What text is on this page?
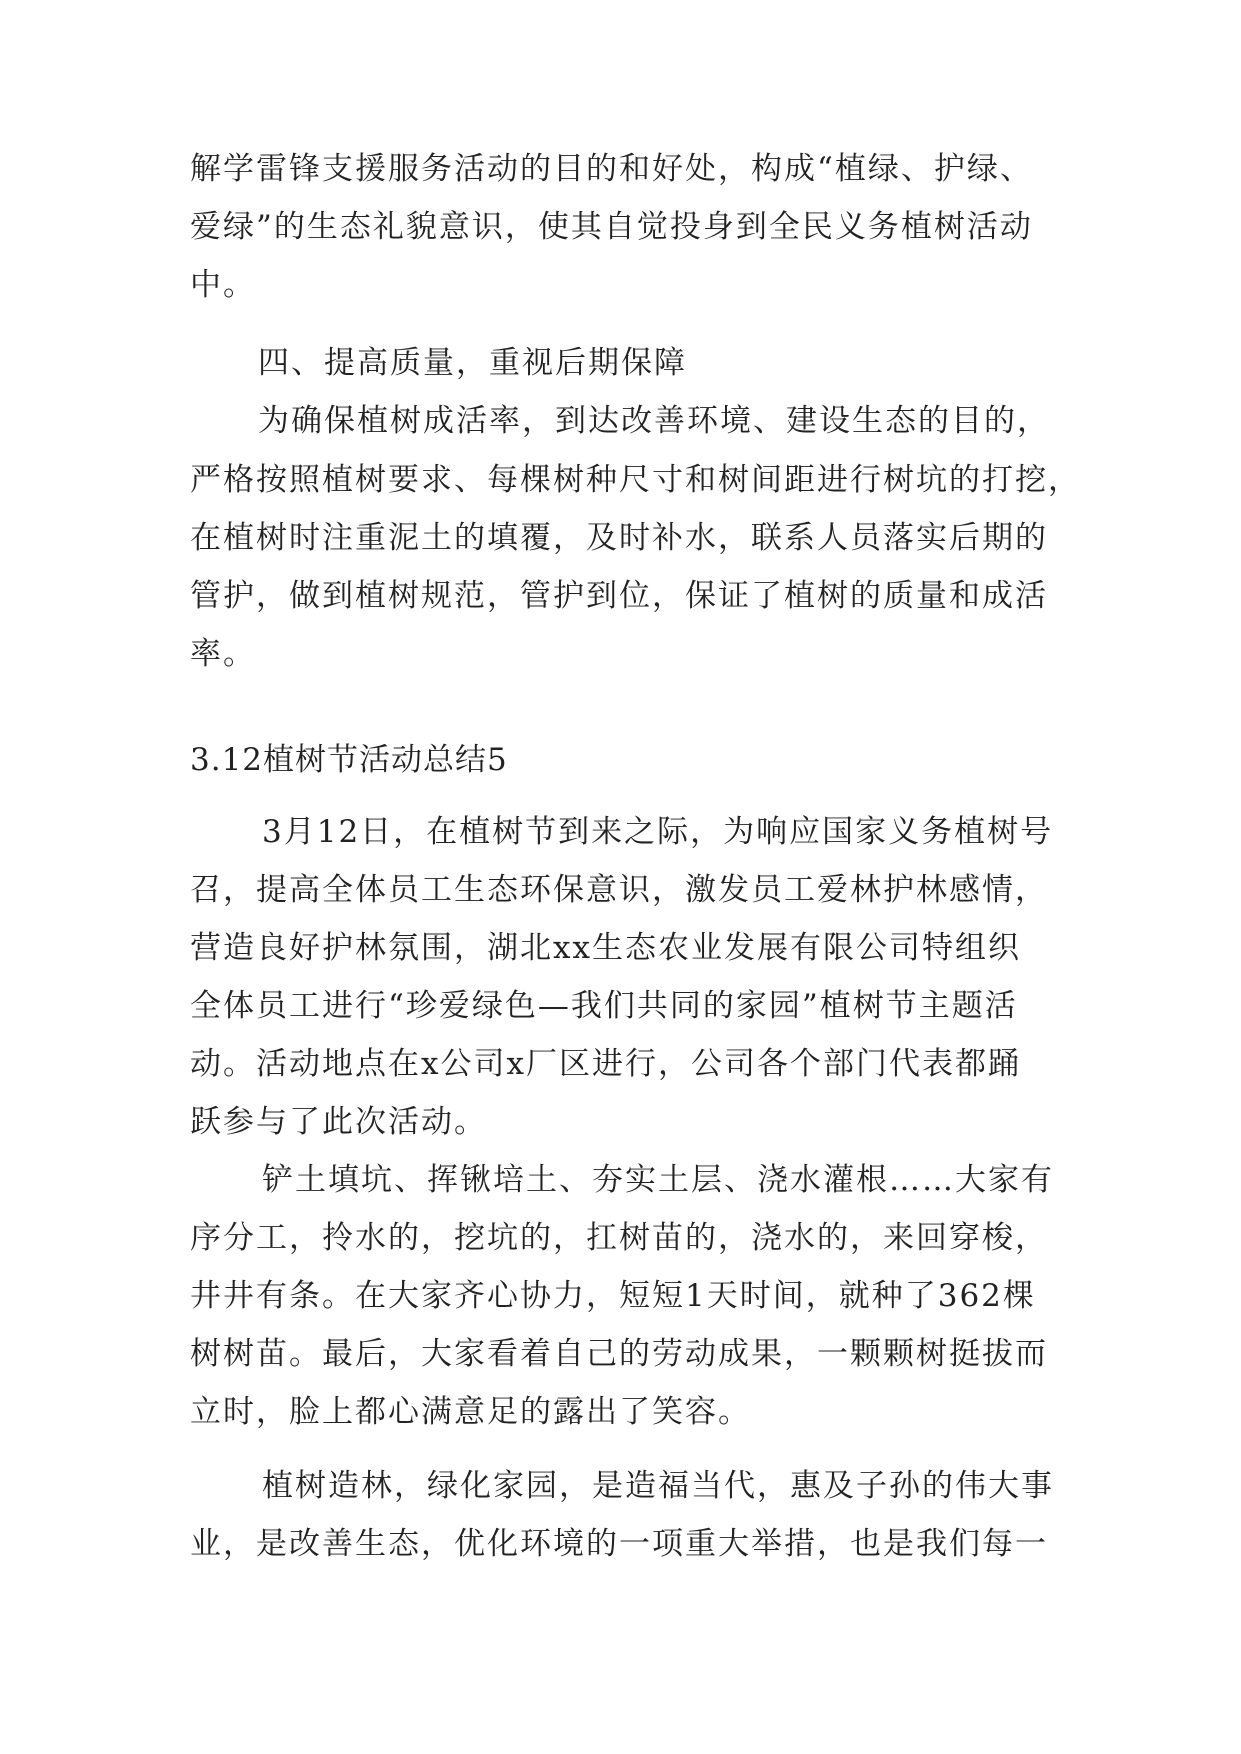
解学雷锋支援服务活动的目的和好处，构成“植绿、护绿、
爱绿”的生态礼貌意识，使其自觉投身到全民义务植树活动
中。
四、提高质量，重视后期保障
为确保植树成活率，到达改善环境、建设生态的目的，
严格按照植树要求、每棵树种尺寸和树间距进行树坑的打挖，
在植树时注重泥土的填覆，及时补水，联系人员落实后期的
管护，做到植树规范，管护到位，保证了植树的质量和成活
率。
3.12植树节活动总结5
3月12日，在植树节到来之际，为响应国家义务植树号
召，提高全体员工生态环保意识，激发员工爱林护林感情，
营造良好护林氛围，湖北xx生态农业发展有限公司特组织
全体员工进行“珍爱绿色—我们共同的家园”植树节主题活
动。活动地点在x公司x厂区进行，公司各个部门代表都踊
跃参与了此次活动。
铲土填坑、挥锹培土、夯实土层、浇水灌根……大家有
序分工，拎水的，挖坑的，扛树苗的，浇水的，来回穿梭，
井井有条。在大家齐心协力，短短1天时间，就种了362棵
树树苗。最后，大家看着自己的劳动成果，一颗颗树挺拔而
立时，脸上都心满意足的露出了笑容。
植树造林，绿化家园，是造福当代，惠及子孙的伟大事
业，是改善生态，优化环境的一项重大举措，也是我们每一
